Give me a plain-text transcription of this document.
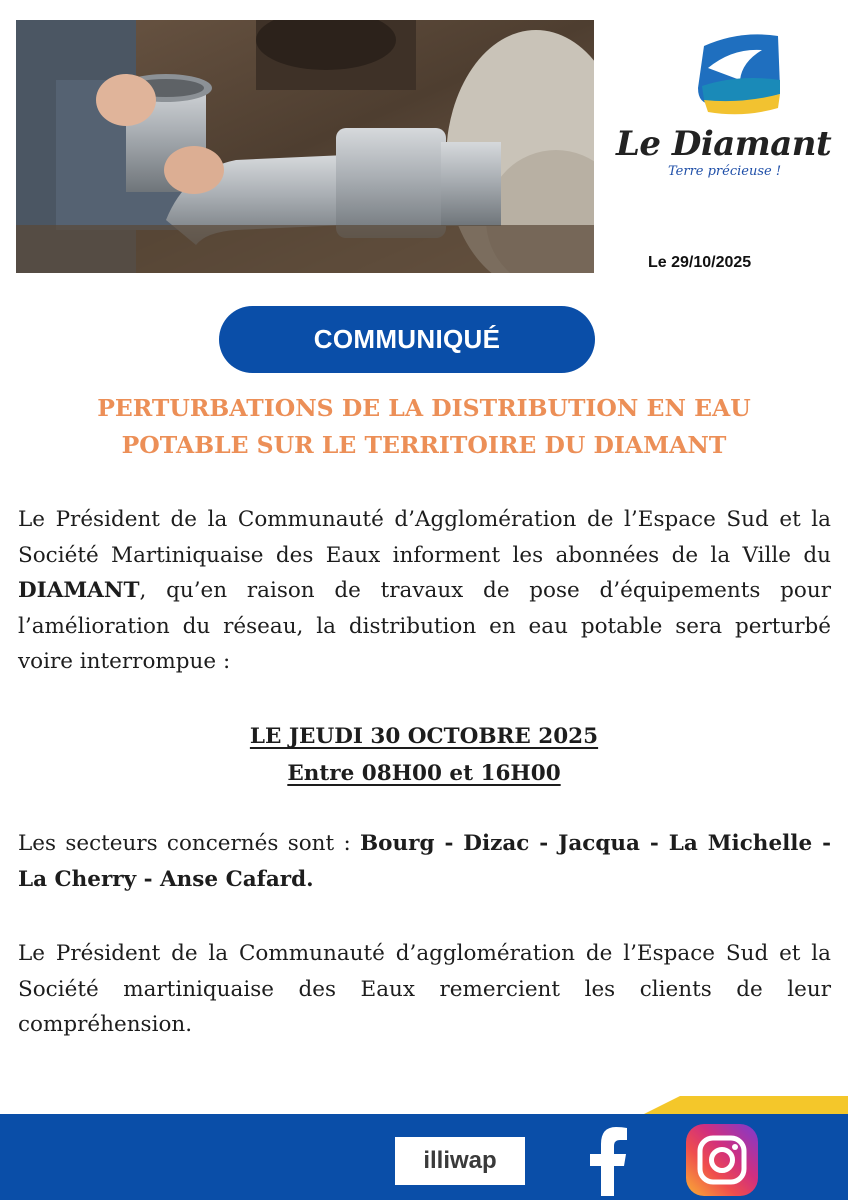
Le Diamant
Terre précieuse !
Le 29/10/2025
COMMUNIQUÉ
PERTURBATIONS DE LA DISTRIBUTION EN EAU
POTABLE SUR LE TERRITOIRE DU DIAMANT
Le Président de la Communauté d’Agglomération de l’Espace Sud et la Société Martiniquaise des Eaux informent les abonnées de la Ville du DIAMANT, qu’en raison de travaux de pose d’équipements pour l’amélioration du réseau, la distribution en eau potable sera perturbé voire interrompue :
LE JEUDI 30 OCTOBRE 2025
Entre 08H00 et 16H00
Les secteurs concernés sont : Bourg - Dizac - Jacqua - La Michelle - La Cherry - Anse Cafard.
Le Président de la Communauté d’agglomération de l’Espace Sud et la Société martiniquaise des Eaux remercient les clients de leur compréhension.
illiwap
